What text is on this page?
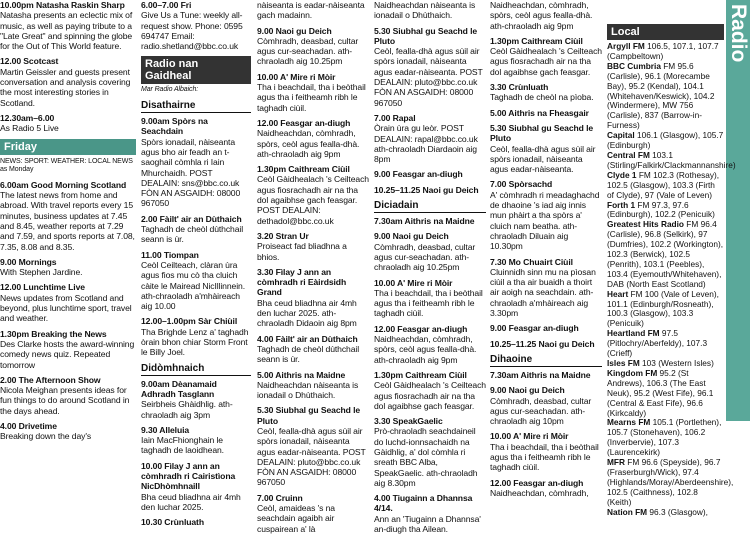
Radio
10.00pm Natasha Raskin Sharp
Natasha presents an eclectic mix of music, as well as paying tribute to a "Late Great" and spinning the globe for the Out of This World feature.
12.00 Scotcast
Martin Geissler and guests present conversation and analysis covering the most interesting stories in Scotland.
12.30am–6.00
As Radio 5 Live
Friday
NEWS: SPORT: WEATHER: LOCAL NEWS as Monday
6.00am Good Morning Scotland
The latest news from home and abroad. With travel reports every 15 minutes, business updates at 7.45 and 8.45, weather reports at 7.29 and 7.59, and sports reports at 7.08, 7.35, 8.08 and 8.35.
9.00 Mornings
With Stephen Jardine.
12.00 Lunchtime Live
News updates from Scotland and beyond, plus lunchtime sport, travel and weather.
1.30pm Breaking the News
Des Clarke hosts the award-winning comedy news quiz. Repeated tomorrow
2.00 The Afternoon Show
Nicola Meighan presents ideas for fun things to do around Scotland in the days ahead.
4.00 Drivetime
Breaking down the day's
6.00–7.00 Fri
Give Us a Tune: weekly all-request show. Phone: 0595 694747 Email: radio.shetland@bbc.co.uk
Radio nan Gaidheal
Mar Radio Albaich:
Disathairne
9.00am Spòrs na Seachdain
Spòrs ionadail, nàiseanta agus bho air feadh an t-saoghail còmhla ri Iain Mhurchaidh. POST DEALAIN: sns@bbc.co.uk FÒN AN ASGAIDH: 08000 967050
2.00 Fàilt' air an Dùthaich
Taghadh de cheòl dùthchail seann is ùr.
11.00 Tiompan
Ceòl Ceilteach, clàran ùra agus fios mu cò tha cluich càite le Mairead NicIllinnein. ath-chraoladh a'mhàireach aig 10.00
12.00–1.00pm Sàr Chiùil
Tha Brighde Lenz a' taghadh òrain bhon chiar Storm Front le Billy Joel.
Didòmhnaich
9.00am Dèanamaid Adhradh Tasglann
Seirbheis Ghàidhlig. ath-chraoladh aig 3pm
9.30 Alleluia
Iain MacFhionghain le taghadh de laoidhean.
10.00 Fìlay J ann an còmhradh ri Cairistìona NicDhòmhnaill
Bha ceud bliadhna air 4mh den luchar 2025.
10.30 Crùnluath
nàiseanta is eadar-nàiseanta gach madainn.
9.00 Naoi gu Deich
Còmhradh, deasbad, cultar agus cur-seachadan. ath-chraoladh aig 10.25pm
10.00 A' Mire ri Mòir
Tha i beachdail, tha i beòthail agus tha i feitheamh ribh le taghadh ciùil.
12.00 Feasgar an-diugh
Naidheachdan, còmhradh, spòrs, ceòl agus fealla-dhà. ath-chraoladh aig 9pm
1.30pm Caithream Ciùil
Ceòl Gàidhealach 's Ceilteach agus fiosrachadh air na tha dol agaibhse gach feasgar. POST DEALAIN: dethadol@bbc.co.uk
3.20 Stran Ur
Proiseact fad bliadhna a bhios.
3.30 Fìlay J ann an còmhradh ri Eàirdsidh Grand
Bha ceud bliadhna air 4mh den luchar 2025. ath-chraoladh Didaoin aig 8pm
4.00 Fàilt' air an Dùthaich
Taghadh de cheòl dùthchail seann is ùr.
5.00 Aithris na Maidne
Naidheachdan nàiseanta is ionadail o Dhùthaich.
5.30 Siubhal gu Seachd le Pluto
Ceòl, fealla-dhà agus sùil air spòrs ionadail, nàiseanta agus eadar-nàiseanta. POST DEALAIN: pluto@bbc.co.uk FÒN AN ASGAIDH: 08000 967050
7.00 Cruinn
Ceòl, amaideas 's na seachdain agaibh air cuspairean a' là
Naidheachdan nàiseanta is ionadail o Dhùthaich.
5.30 Siubhal gu Seachd le Pluto
Ceòl, fealla-dhà agus sùil air spòrs ionadail, nàiseanta agus eadar-nàiseanta. POST DEALAIN: pluto@bbc.co.uk FÒN AN ASGAIDH: 08000 967050
7.00 Rapal
Òrain ùra gu leòr. POST DEALAIN: rapal@bbc.co.uk ath-chraoladh Diardaoin aig 8pm
9.00 Feasgar an-diugh
10.25–11.25 Naoi gu Deich
Diciadain
7.30am Aithris na Maidne
9.00 Naoi gu Deich
Còmhradh, deasbad, cultar agus cur-seachadan. ath-chraoladh aig 10.25pm
10.00 A' Mire ri Mòir
Tha i beachdail, tha i beòthail agus tha i feitheamh ribh le taghadh ciùil.
12.00 Feasgar an-diugh
Naidheachdan, còmhradh, spòrs, ceòl agus fealla-dhà. ath-chraoladh aig 9pm
1.30pm Caithream Ciùil
Ceòl Gàidhealach 's Ceilteach agus fiosrachadh air na tha dol agaibhse gach feasgar.
3.30 SpeakGaelic
Prò-chraoladh seachdaineil do luchd-ionnsachaidh na Gàidhlig, a' dol còmhla ri sreath BBC Alba, SpeakGaelic. ath-chraoladh aig 8.30pm
4.00 Tiugainn a Dhannsa 4/14.
Ann an 'Tiugainn a Dhannsa' an-diugh tha Ailean.
Naidheachdan, còmhradh, spòrs, ceòl agus fealla-dhà. ath-chraoladh aig 9pm
1.30pm Caithream Ciùil
Ceòl Gàidhealach 's Ceilteach agus fiosrachadh air na tha dol agaibhse gach feasgar.
3.30 Crùnluath
Taghadh de cheòl na pìoba.
5.00 Aithris na Fheasgair
5.30 Siubhal gu Seachd le Pluto
Ceòl, fealla-dhà agus sùil air spòrs ionadail, nàiseanta agus eadar-nàiseanta.
7.00 Spòrsachd
A' còmhradh ri meadaghachd de dhaoine 's iad aig innis mun phàirt a tha spòrs a' cluich nam beatha. ath-chraoladh Diluain aig 10.30pm
7.30 Mo Chuairt Ciùil
Cluinnidh sinn mu na pìosan ciùil a tha air buaidh a thoirt air aoigh na seachdain. ath-chraoladh a'mhàireach aig 3.30pm
9.00 Feasgar an-diugh
10.25–11.25 Naoi gu Deich
Dihaoine
7.30am Aithris na Maidne
9.00 Naoi gu Deich
Còmhradh, deasbad, cultar agus cur-seachadan. ath-chraoladh aig 10pm
10.00 A' Mire ri Mòir
Tha i beachdail, tha i beòthail agus tha i feitheamh ribh le taghadh ciùil.
12.00 Feasgar an-diugh
Naidheachdan, còmhradh,
Local
Argyll FM 106.5, 107.1, 107.7 (Campbeltown)
BBC Cumbria FM 95.6 (Carlisle), 96.1 (Morecambe Bay), 95.2 (Kendal), 104.1 (Whitehaven/Keswick), 104.2 (Windermere), MW 756 (Carlisle), 837 (Barrow-in-Furness)
Capital 106.1 (Glasgow), 105.7 (Edinburgh)
Central FM 103.1 (Stirling/Falkirk/Clackmannanshire)
Clyde 1 FM 102.3 (Rothesay), 102.5 (Glasgow), 103.3 (Firth of Clyde), 97 (Vale of Leven)
Forth 1 FM 97.3, 97.6 (Edinburgh), 102.2 (Penicuik)
Greatest Hits Radio FM 96.4 (Carlisle), 96.8 (Selkirk), 97 (Dumfries), 102.2 (Workington), 102.3 (Berwick), 102.5 (Penrith), 103.1 (Peebles), 103.4 (Eyemouth/Whitehaven), DAB (North East Scotland)
Heart FM 100 (Vale of Leven), 101.1 (Edinburgh/Rosneath), 100.3 (Glasgow), 103.3 (Penicuik)
Heartland FM 97.5 (Pitlochry/Aberfeldy), 107.3 (Crieff)
Isles FM 103 (Western Isles)
Kingdom FM 95.2 (St Andrews), 106.3 (The East Neuk), 95.2 (West Fife), 96.1 (Central & East Fife), 96.6 (Kirkcaldy)
Mearns FM 105.1 (Portlethen), 105.7 (Stonehaven), 106.2 (Inverbervie), 107.3 (Laurencekirk)
MFR FM 96.6 (Speyside), 96.7 (Fraserburgh/Wick), 97.4 (Highlands/Moray/Aberdeenshire), 102.5 (Caithness), 102.8 (Keith)
Nation FM 96.3 (Glasgow),
